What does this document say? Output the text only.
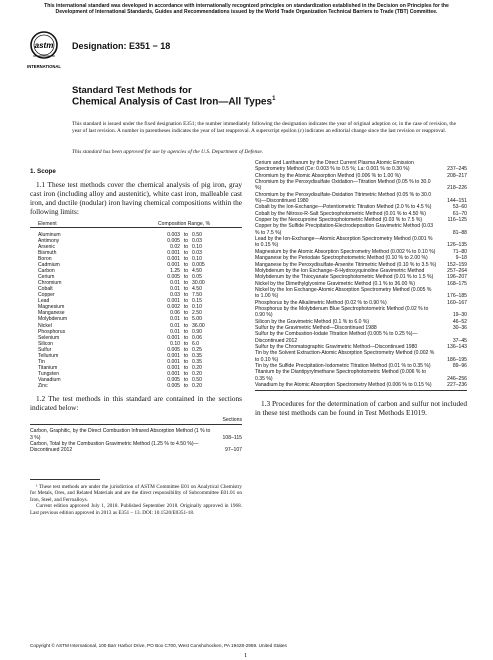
This international standard was developed in accordance with internationally recognized principles on standardization established in the Decision on Principles for the Development of International Standards, Guides and Recommendations issued by the World Trade Organization Technical Barriers to Trade (TBT) Committee.
astm
INTERNATIONAL
Designation: E351 − 18
Standard Test Methods for
Chemical Analysis of Cast Iron—All Types$^1$
This standard is issued under the fixed designation E351; the number immediately following the designation indicates the year of original adoption or, in the case of revision, the year of last revision. A number in parentheses indicates the year of last reapproval. A superscript epsilon (ε) indicates an editorial change since the last revision or reapproval.
This standard has been approved for use by agencies of the U.S. Department of Defense.
1. Scope

1.1 These test methods cover the chemical analysis of pig iron, gray cast iron (including alloy and austenitic), white cast iron, malleable cast iron, and ductile (nodular) iron having chemical compositions within the following limits:

Element	Composition Range, %		

Aluminum	0.003	to	0.50
Antimony	0.005	to	0.03
Arsenic	0.02	to	0.10
Bismuth	0.001	to	0.03
Boron	0.001	to	0.10
Cadmium	0.001	to	0.005
Carbon	1.25	to	4.50
Cerium	0.005	to	0.05
Chromium	0.01	to	30.00
Cobalt	0.01	to	4.50
Copper	0.03	to	7.50
Lead	0.001	to	0.15
Magnesium	0.002	to	0.10
Manganese	0.06	to	2.50
Molybdenum	0.01	to	5.00
Nickel	0.01	to	36.00
Phosphorus	0.01	to	0.90
Selenium	0.001	to	0.06
Silicon	0.10	to	6.0
Sulfur	0.005	to	0.25
Tellurium	0.001	to	0.35
Tin	0.001	to	0.35
Titanium	0.001	to	0.20
Tungsten	0.001	to	0.20
Vanadium	0.005	to	0.50
Zinc	0.005	to	0.20

1.2 The test methods in this standard are contained in the sections indicated below:

Sections
Carbon, Graphitic, by the Direct Combustion Infrared Absorption Method (1 % to 3 %)	108–115
Carbon, Total by the Combustion Gravimetric Method (1.25 % to 4.50 %)—Discontinued 2012	97–107
¹ These test methods are under the jurisdiction of ASTM Committee E01 on Analytical Chemistry for Metals, Ores, and Related Materials and are the direct responsibility of Subcommittee E01.01 on Iron, Steel, and Ferroalloys.
Current edition approved July 1, 2018. Published September 2018. Originally approved in 1968. Last previous edition approved in 2013 as E351 – 13. DOI: 10.1520/E0351-18.
Cerium and Lanthanum by the Direct Current Plasma Atomic Emission Spectrometry Method (Ce: 0.003 % to 0.5 %; La: 0.001 % to 0.30 %)	237–245
Chromium by the Atomic Absorption Method (0.006 % to 1.00 %)	208–217
Chromium by the Peroxydisulfate Oxidation—Titration Method (0.05 % to 30.0 %)	218–226
Chromium by the Peroxydisulfate-Oxidation Titrimetric Method (0.05 % to 30.0 %)—Discontinued 1980	144–151
Cobalt by the Ion-Exchange—Potentiometric Titration Method (2.0 % to 4.5 %)	53–60
Cobalt by the Nitroso-R-Salt Spectrophotometric Method (0.01 % to 4.50 %)	61–70
Copper by the Neocuproine Spectrophotometric Method (0.03 % to 7.5 %)	116–125
Copper by the Sulfide Precipitation-Electrodeposition Gravimetric Method (0.03 % to 7.5 %)	81–88
Lead by the Ion-Exchange—Atomic Absorption Spectrometry Method (0.001 % to 0.15 %)	126–135
Magnesium by the Atomic Absorption Spectrometry Method (0.002 % to 0.10 %)	71–80
Manganese by the Periodate Spectrophotometric Method (0.10 % to 2.00 %)	9–18
Manganese by the Peroxydisulfate-Arsenite Titrimetric Method (0.10 % to 3.5 %)	152–159
Molybdenum by the Ion Exchange–8-Hydroxyquinoline Gravimetric Method	257–264
Molybdenum by the Thiocyanate Spectrophotometric Method (0.01 % to 1.5 %)	196–207
Nickel by the Dimethylglyoxime Gravimetric Method (0.1 % to 36.00 %)	168–175
Nickel by the Ion Exchange-Atomic Absorption Spectrometry Method (0.005 % to 1.00 %)	176–185
Phosphorus by the Alkalimetric Method (0.02 % to 0.90 %)	160–167
Phosphorus by the Molybdenum Blue Spectrophotometric Method (0.02 % to 0.90 %)	19–30
Silicon by the Gravimetric Method (0.1 % to 6.0 %)	46–52
Sulfur by the Gravimetric Method—Discontinued 1988	30–36
Sulfur by the Combustion-Iodate Titration Method (0.005 % to 0.25 %)—Discontinued 2012	37–45
Sulfur by the Chromatographic Gravimetric Method—Discontinued 1980	136–143
Tin by the Solvent Extraction-Atomic Absorption Spectrometry Method (0.002 % to 0.10 %)	186–195
Tin by the Sulfide Precipitation-Iodometric Titration Method (0.01 % to 0.35 %)	89–96
Titanium by the Diantipyrylmethane Spectrophotometric Method (0.006 % to 0.35 %)	246–256
Vanadium by the Atomic Absorption Spectrometry Method (0.006 % to 0.15 %)	227–236

1.3 Procedures for the determination of carbon and sulfur not included in these test methods can be found in Test Methods E1019.

Copyright © ASTM International, 100 Barr Harbor Drive, PO Box C700, West Conshohocken, PA 19428-2959. United States
1
